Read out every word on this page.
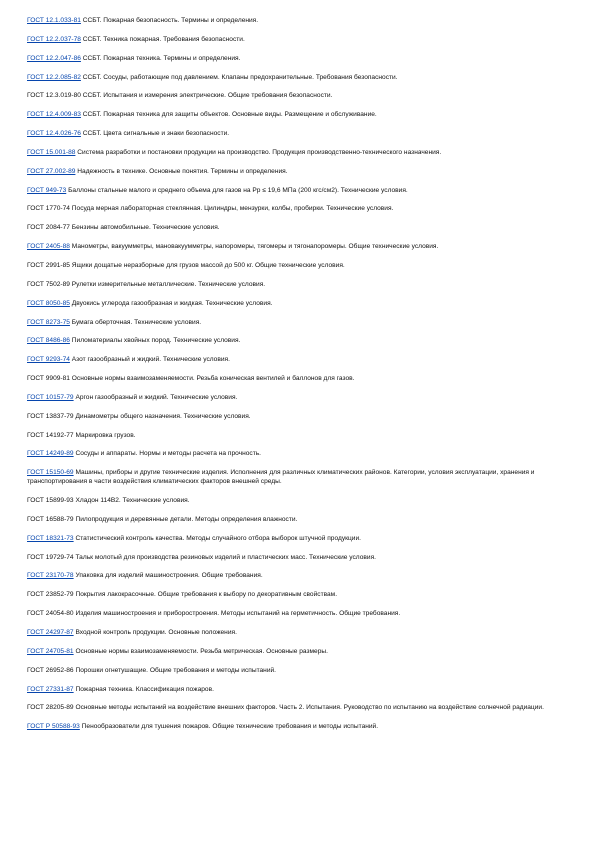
ГОСТ 12.1.033-81 ССБТ. Пожарная безопасность. Термины и определения.
ГОСТ 12.2.037-78 ССБТ. Техника пожарная. Требования безопасности.
ГОСТ 12.2.047-86 ССБТ. Пожарная техника. Термины и определения.
ГОСТ 12.2.085-82 ССБТ. Сосуды, работающие под давлением. Клапаны предохранительные. Требования безопасности.
ГОСТ 12.3.019-80 ССБТ. Испытания и измерения электрические. Общие требования безопасности.
ГОСТ 12.4.009-83 ССБТ. Пожарная техника для защиты объектов. Основные виды. Размещение и обслуживание.
ГОСТ 12.4.026-76 ССБТ. Цвета сигнальные и знаки безопасности.
ГОСТ 15.001-88 Система разработки и постановки продукции на производство. Продукция производственно-технического назначения.
ГОСТ 27.002-89 Надежность в технике. Основные понятия. Термины и определения.
ГОСТ 949-73 Баллоны стальные малого и среднего объема для газов на Pp ≤ 19,6 МПа (200 кгс/см2). Технические условия.
ГОСТ 1770-74 Посуда мерная лабораторная стеклянная. Цилиндры, мензурки, колбы, пробирки. Технические условия.
ГОСТ 2084-77 Бензины автомобильные. Технические условия.
ГОСТ 2405-88 Манометры, вакуумметры, мановакуумметры, напоромеры, тягомеры и тягонапоромеры. Общие технические условия.
ГОСТ 2991-85 Ящики дощатые неразборные для грузов массой до 500 кг. Общие технические условия.
ГОСТ 7502-89 Рулетки измерительные металлические. Технические условия.
ГОСТ 8050-85 Двуокись углерода газообразная и жидкая. Технические условия.
ГОСТ 8273-75 Бумага оберточная. Технические условия.
ГОСТ 8486-86 Пиломатериалы хвойных пород. Технические условия.
ГОСТ 9293-74 Азот газообразный и жидкий. Технические условия.
ГОСТ 9909-81 Основные нормы взаимозаменяемости. Резьба коническая вентилей и баллонов для газов.
ГОСТ 10157-79 Аргон газообразный и жидкий. Технические условия.
ГОСТ 13837-79 Динамометры общего назначения. Технические условия.
ГОСТ 14192-77 Маркировка грузов.
ГОСТ 14249-89 Сосуды и аппараты. Нормы и методы расчета на прочность.
ГОСТ 15150-69 Машины, приборы и другие технические изделия. Исполнения для различных климатических районов. Категории, условия эксплуатации, хранения и транспортирования в части воздействия климатических факторов внешней среды.
ГОСТ 15899-93 Хладон 114В2. Технические условия.
ГОСТ 16588-79 Пилопродукция и деревянные детали. Методы определения влажности.
ГОСТ 18321-73 Статистический контроль качества. Методы случайного отбора выборок штучной продукции.
ГОСТ 19729-74 Тальк молотый для производства резиновых изделий и пластических масс. Технические условия.
ГОСТ 23170-78 Упаковка для изделий машиностроения. Общие требования.
ГОСТ 23852-79 Покрытия лакокрасочные. Общие требования к выбору по декоративным свойствам.
ГОСТ 24054-80 Изделия машиностроения и приборостроения. Методы испытаний на герметичность. Общие требования.
ГОСТ 24297-87 Входной контроль продукции. Основные положения.
ГОСТ 24705-81 Основные нормы взаимозаменяемости. Резьба метрическая. Основные размеры.
ГОСТ 26952-86 Порошки огнетушащие. Общие требования и методы испытаний.
ГОСТ 27331-87 Пожарная техника. Классификация пожаров.
ГОСТ 28205-89 Основные методы испытаний на воздействие внешних факторов. Часть 2. Испытания. Руководство по испытанию на воздействие солнечной радиации.
ГОСТ Р 50588-93 Пенообразователи для тушения пожаров. Общие технические требования и методы испытаний.
